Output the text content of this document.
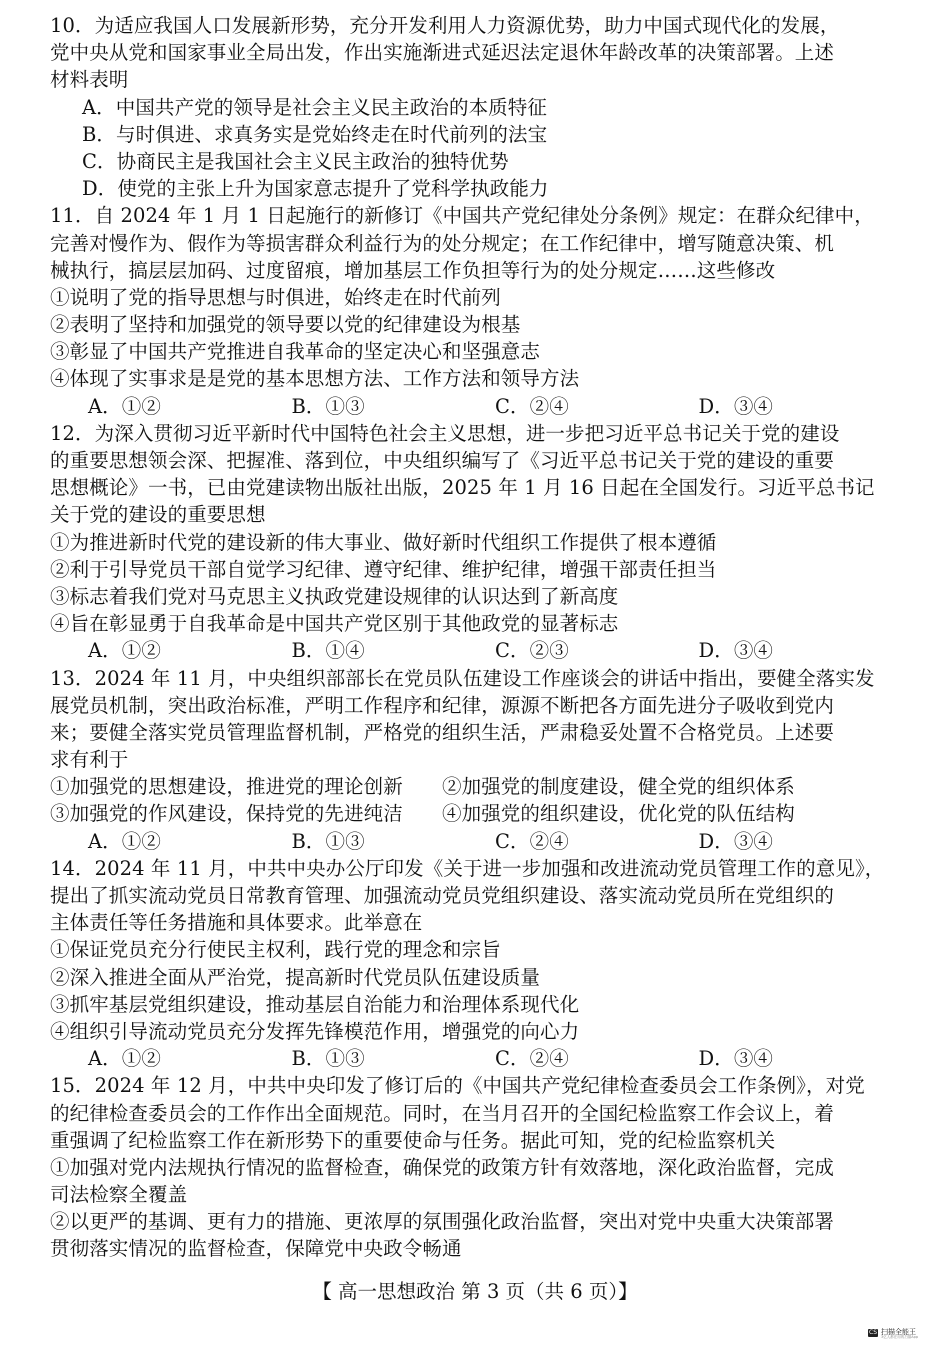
10．为适应我国人口发展新形势，充分开发利用人力资源优势，助力中国式现代化的发展，
党中央从党和国家事业全局出发，作出实施渐进式延迟法定退休年龄改革的决策部署。上述
材料表明
A．中国共产党的领导是社会主义民主政治的本质特征
B．与时俱进、求真务实是党始终走在时代前列的法宝
C．协商民主是我国社会主义民主政治的独特优势
D．使党的主张上升为国家意志提升了党科学执政能力
11．自 2024 年 1 月 1 日起施行的新修订《中国共产党纪律处分条例》规定：在群众纪律中，
完善对慢作为、假作为等损害群众利益行为的处分规定；在工作纪律中，增写随意决策、机
械执行，搞层层加码、过度留痕，增加基层工作负担等行为的处分规定……这些修改
①说明了党的指导思想与时俱进，始终走在时代前列
②表明了坚持和加强党的领导要以党的纪律建设为根基
③彰显了中国共产党推进自我革命的坚定决心和坚强意志
④体现了实事求是是党的基本思想方法、工作方法和领导方法
A．①②	B．①③	C．②④	D．③④
12．为深入贯彻习近平新时代中国特色社会主义思想，进一步把习近平总书记关于党的建设
的重要思想领会深、把握准、落到位，中央组织编写了《习近平总书记关于党的建设的重要
思想概论》一书，已由党建读物出版社出版，2025 年 1 月 16 日起在全国发行。习近平总书记
关于党的建设的重要思想
①为推进新时代党的建设新的伟大事业、做好新时代组织工作提供了根本遵循
②利于引导党员干部自觉学习纪律、遵守纪律、维护纪律，增强干部责任担当
③标志着我们党对马克思主义执政党建设规律的认识达到了新高度
④旨在彰显勇于自我革命是中国共产党区别于其他政党的显著标志
A．①②	B．①④	C．②③	D．③④
13．2024 年 11 月，中央组织部部长在党员队伍建设工作座谈会的讲话中指出，要健全落实发
展党员机制，突出政治标准，严明工作程序和纪律，源源不断把各方面先进分子吸收到党内
来；要健全落实党员管理监督机制，严格党的组织生活，严肃稳妥处置不合格党员。上述要
求有利于
①加强党的思想建设，推进党的理论创新　　②加强党的制度建设，健全党的组织体系
③加强党的作风建设，保持党的先进纯洁　　④加强党的组织建设，优化党的队伍结构
A．①②	B．①③	C．②④	D．③④
14．2024 年 11 月，中共中央办公厅印发《关于进一步加强和改进流动党员管理工作的意见》，
提出了抓实流动党员日常教育管理、加强流动党员党组织建设、落实流动党员所在党组织的
主体责任等任务措施和具体要求。此举意在
①保证党员充分行使民主权利，践行党的理念和宗旨
②深入推进全面从严治党，提高新时代党员队伍建设质量
③抓牢基层党组织建设，推动基层自治能力和治理体系现代化
④组织引导流动党员充分发挥先锋模范作用，增强党的向心力
A．①②	B．①③	C．②④	D．③④
15．2024 年 12 月，中共中央印发了修订后的《中国共产党纪律检查委员会工作条例》，对党
的纪律检查委员会的工作作出全面规范。同时，在当月召开的全国纪检监察工作会议上，着
重强调了纪检监察工作在新形势下的重要使命与任务。据此可知，党的纪检监察机关
①加强对党内法规执行情况的监督检查，确保党的政策方针有效落地，深化政治监督，完成
司法检察全覆盖
②以更严的基调、更有力的措施、更浓厚的氛围强化政治监督，突出对党中央重大决策部署
贯彻落实情况的监督检查，保障党中央政令畅通
【 高一思想政治 第 3 页（共 6 页）】
CS 扫描全能王
3亿人都在用的扫描App
